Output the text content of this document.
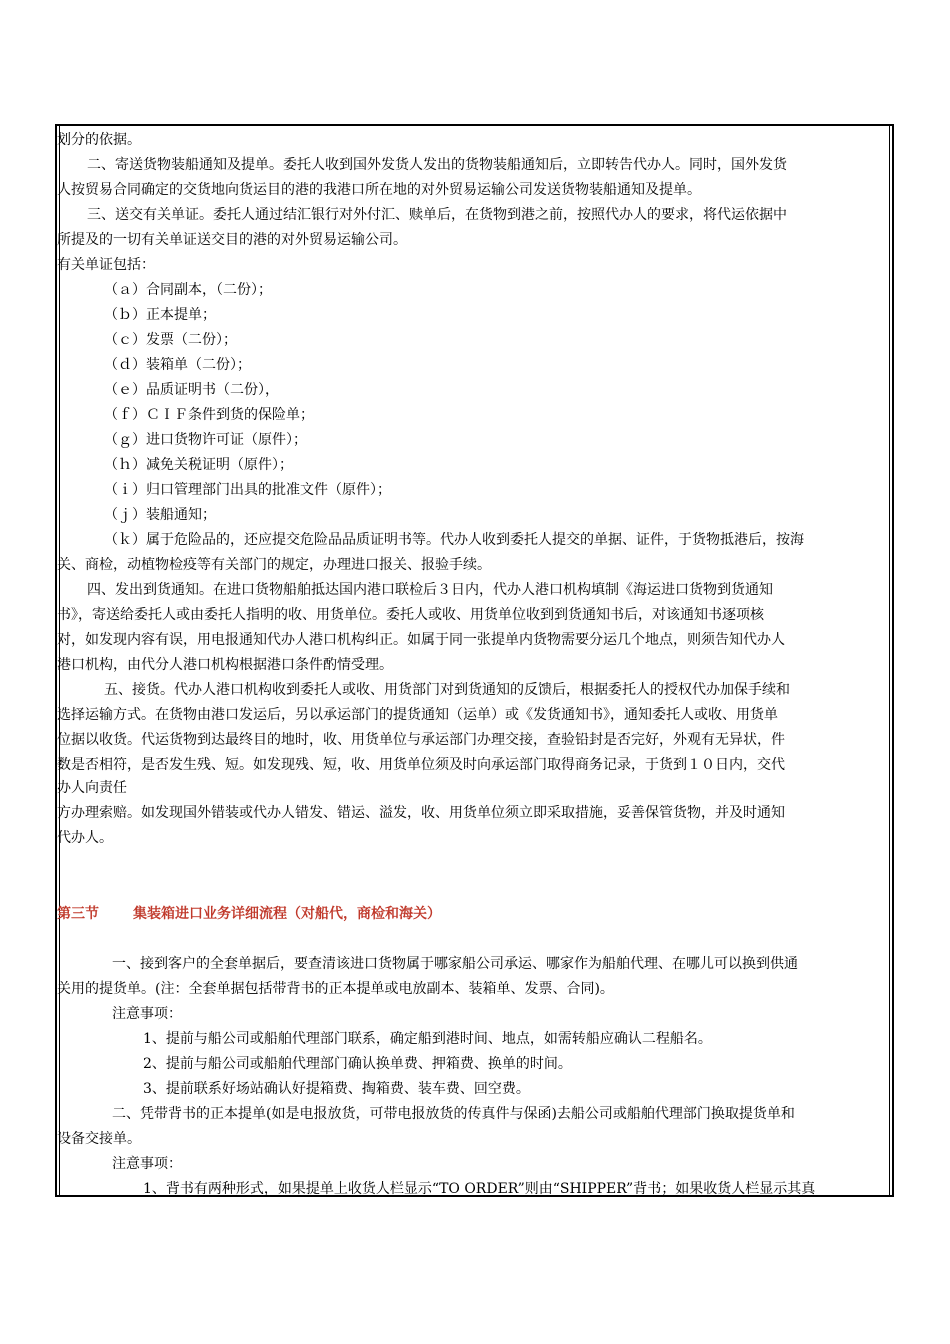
划分的依据。
二、寄送货物装船通知及提单。委托人收到国外发货人发出的货物装船通知后，立即转告代办人。同时，国外发货
人按贸易合同确定的交货地向货运目的港的我港口所在地的对外贸易运输公司发送货物装船通知及提单。
三、送交有关单证。委托人通过结汇银行对外付汇、赎单后，在货物到港之前，按照代办人的要求，将代运依据中
所提及的一切有关单证送交目的港的对外贸易运输公司。
有关单证包括：
（ａ）合同副本，（二份）；
（ｂ）正本提单；
（ｃ）发票（二份）；
（ｄ）装箱单（二份）；
（ｅ）品质证明书（二份），
（ｆ）ＣＩＦ条件到货的保险单；
（ｇ）进口货物许可证（原件）；
（ｈ）减免关税证明（原件）；
（ｉ）归口管理部门出具的批准文件（原件）；
（ｊ）装船通知；
（ｋ）属于危险品的，还应提交危险品品质证明书等。代办人收到委托人提交的单据、证件，于货物抵港后，按海
关、商检，动植物检疫等有关部门的规定，办理进口报关、报验手续。
四、发出到货通知。在进口货物船舶抵达国内港口联检后３日内，代办人港口机构填制《海运进口货物到货通知
书》，寄送给委托人或由委托人指明的收、用货单位。委托人或收、用货单位收到到货通知书后，对该通知书逐项核
对，如发现内容有误，用电报通知代办人港口机构纠正。如属于同一张提单内货物需要分运几个地点，则须告知代办人
港口机构，由代分人港口机构根据港口条件酌情受理。
五、接货。代办人港口机构收到委托人或收、用货部门对到货通知的反馈后，根据委托人的授权代办加保手续和
选择运输方式。在货物由港口发运后，另以承运部门的提货通知（运单）或《发货通知书》，通知委托人或收、用货单
位据以收货。代运货物到达最终目的地时，收、用货单位与承运部门办理交接，查验铅封是否完好，外观有无异状，件
数是否相符，是否发生残、短。如发现残、短，收、用货单位须及时向承运部门取得商务记录，于货到１０日内，交代
办人向责任
方办理索赔。如发现国外错装或代办人错发、错运、溢发，收、用货单位须立即采取措施，妥善保管货物，并及时通知
代办人。
第三节 集装箱进口业务详细流程（对船代，商检和海关）
一、接到客户的全套单据后，要查清该进口货物属于哪家船公司承运、哪家作为船舶代理、在哪儿可以换到供通
关用的提货单。(注：全套单据包括带背书的正本提单或电放副本、装箱单、发票、合同)。
注意事项：
1、提前与船公司或船舶代理部门联系，确定船到港时间、地点，如需转船应确认二程船名。
2、提前与船公司或船舶代理部门确认换单费、押箱费、换单的时间。
3、提前联系好场站确认好提箱费、掏箱费、装车费、回空费。
二、凭带背书的正本提单(如是电报放货，可带电报放货的传真件与保函)去船公司或船舶代理部门换取提货单和
设备交接单。
注意事项：
1、背书有两种形式，如果提单上收货人栏显示“TO ORDER”则由“SHIPPER”背书；如果收货人栏显示其真
